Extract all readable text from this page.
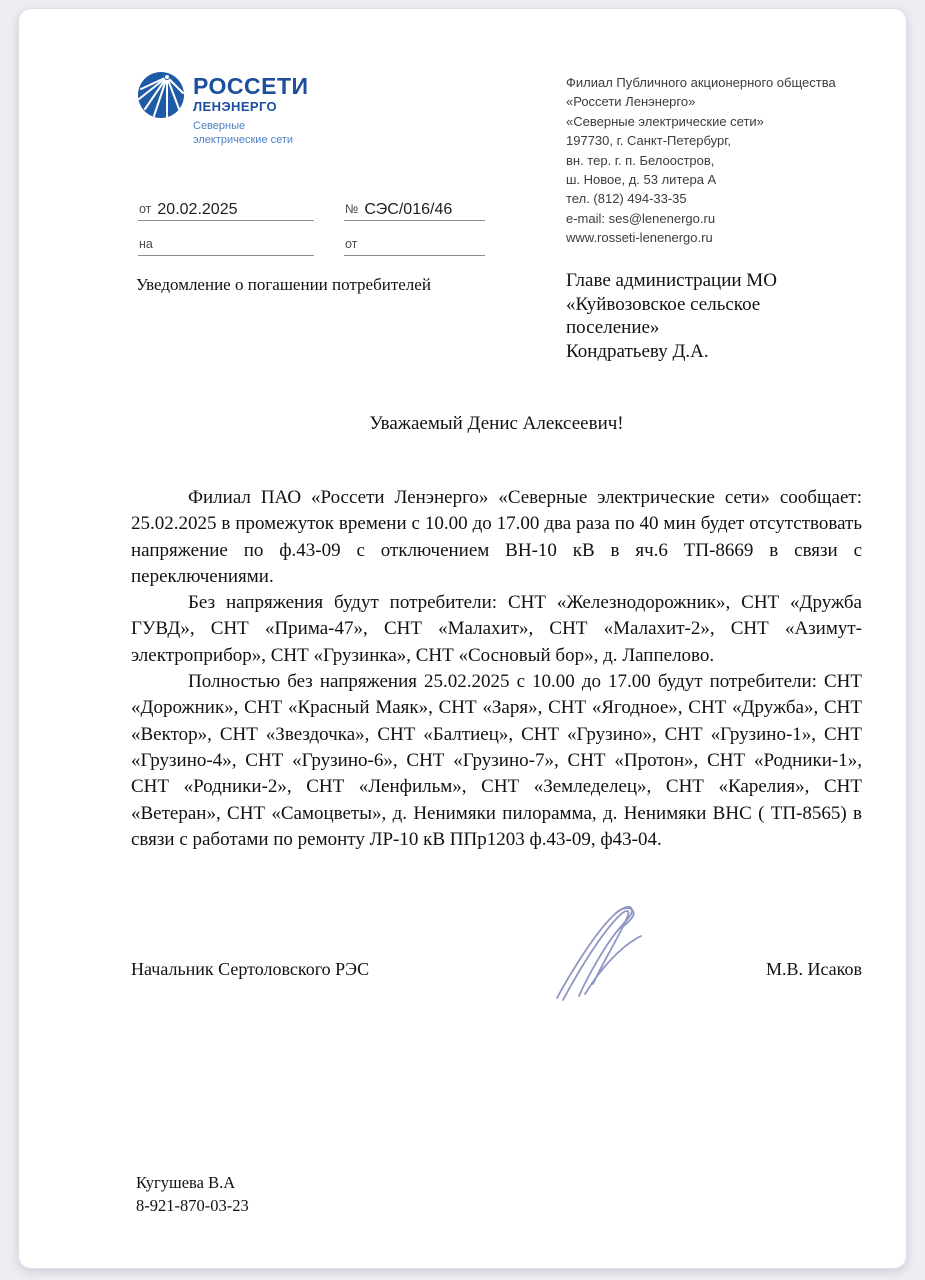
РОССЕТИ
ЛЕНЭНЕРГО
Северные
электрические сети
Филиал Публичного акционерного общества
«Россети Ленэнерго»
«Северные электрические сети»
197730, г. Санкт-Петербург,
вн. тер. г. п. Белоостров,
ш. Новое, д. 53 литера А
тел. (812) 494-33-35
e-mail: ses@lenenergo.ru
www.rosseti-lenenergo.ru
от 20.02.2025	№ СЭС/016/46
на	от
Уведомление о погашении потребителей	Главе администрации МО
«Куйвозовское сельское
поселение»
Кондратьеву Д.А.
Уважаемый Денис Алексеевич!

Филиал ПАО «Россети Ленэнерго» «Северные электрические сети» сообщает: 25.02.2025 в промежуток времени с 10.00 до 17.00 два раза по 40 мин будет отсутствовать напряжение по ф.43-09 с отключением ВН-10 кВ в яч.6 ТП-8669 в связи с переключениями.

Без напряжения будут потребители: СНТ «Железнодорожник», СНТ «Дружба ГУВД», СНТ «Прима-47», СНТ «Малахит», СНТ «Малахит-2», СНТ «Азимут-электроприбор», СНТ «Грузинка», СНТ «Сосновый бор», д. Лаппелово.

Полностью без напряжения 25.02.2025 с 10.00 до 17.00 будут потребители: СНТ «Дорожник», СНТ «Красный Маяк», СНТ «Заря», СНТ «Ягодное», СНТ «Дружба», СНТ «Вектор», СНТ «Звездочка», СНТ «Балтиец», СНТ «Грузино», СНТ «Грузино-1», СНТ «Грузино-4», СНТ «Грузино-6», СНТ «Грузино-7», СНТ «Протон», СНТ «Родники-1», СНТ «Родники-2», СНТ «Ленфильм», СНТ «Земледелец», СНТ «Карелия», СНТ «Ветеран», СНТ «Самоцветы», д. Ненимяки пилорамма, д. Ненимяки ВНС ( ТП-8565) в связи с работами по ремонту ЛР-10 кВ ППр1203 ф.43-09, ф43-04.

Начальник Сертоловского РЭС	М.В. Исаков
Кугушева В.А
8-921-870-03-23
